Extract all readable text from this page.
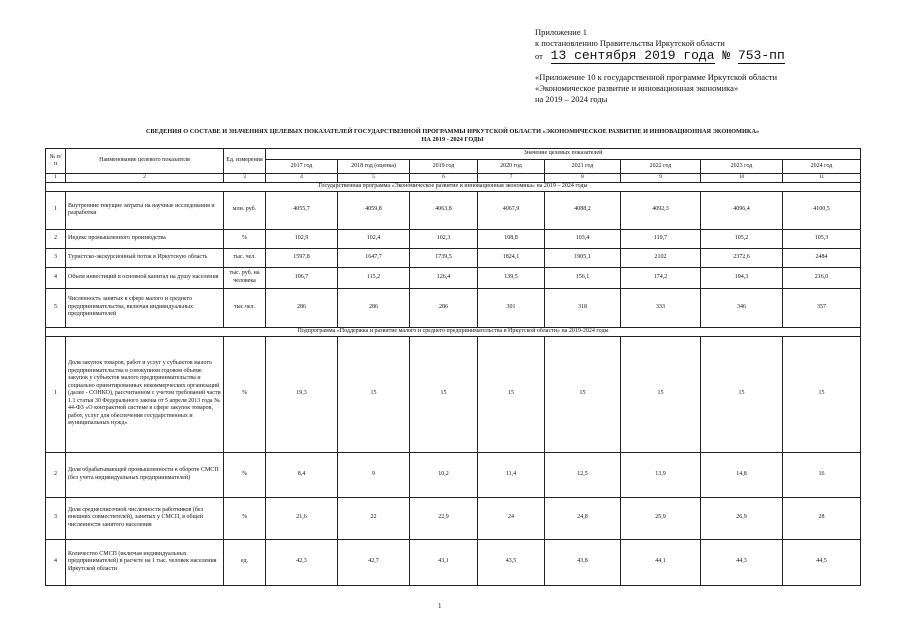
Приложение 1
к постановлению Правительства Иркутской области
от 13 сентября 2019 года № 753-пп
«Приложение 10 к государственной программе Иркутской области
«Экономическое развитие и инновационная экономика»
на 2019 – 2024 годы
СВЕДЕНИЯ О СОСТАВЕ И ЗНАЧЕНИЯХ ЦЕЛЕВЫХ ПОКАЗАТЕЛЕЙ ГОСУДАРСТВЕННОЙ ПРОГРАММЫ ИРКУТСКОЙ ОБЛАСТИ «ЭКОНОМИЧЕСКОЕ РАЗВИТИЕ И ИННОВАЦИОННАЯ ЭКОНОМИКА»
НА 2019 - 2024 ГОДЫ
№ п/п	Наименование целевого показателя	Ед. измерения	Значение целевых показателей							
			2017 год	2018 год (оценка)	2019 год	2020 год	2021 год	2022 год	2023 год	2024 год
1	2	3	4	5	6	7	8	9	10	11
Государственная программа «Экономическое развитие и инновационная экономика» на 2019 – 2024 годы										
1	Внутренние текущие затраты на научные исследования и разработки	млн. руб.	4055,7	4059,8	4063,8	4067,9	4088,2	4092,3	4096,4	4100,5
2	Индекс промышленного производства	%	102,9	102,4	102,3	108,8	103,4	119,7	105,2	105,3
3	Туристско-экскурсионный поток в Иркутскую область	тыс. чел.	1597,8	1647,7	1739,5	1824,1	1905,1	2102	2372,6	2484
4	Объем инвестиций в основной капитал на душу населения	тыс. руб. на человека	106,7	115,2	126,4	139,5	156,1	174,2	194,3	216,0
5	Численность занятых в сфере малого и среднего предпринимательства, включая индивидуальных предпринимателей	тыс.чел.	286	286	286	301	318	333	346	357
Подпрограмма «Поддержка и развитие малого и среднего предпринимательства в Иркутской области» на 2019-2024 годы										
1	Доля закупок товаров, работ и услуг у субъектов малого предпринимательства в совокупном годовом объеме закупок у субъектов малого предпринимательства и социально ориентированных некоммерческих организаций (далее - СОНКО), рассчитанном с учетом требований части 1.1 статьи 30 Федерального закона от 5 апреля 2013 года № 44-ФЗ «О контрактной системе в сфере закупок товаров, работ, услуг для обеспечения государственных и муниципальных нужд»	%	19,3	15	15	15	15	15	15	15
2	Доля обрабатывающей промышленности в обороте СМСП (без учета индивидуальных предпринимателей)	%	8,4	9	10,2	11,4	12,5	13,9	14,8	16
3	Доля среднесписочной численности работников (без внешних совместителей), занятых у СМСП, в общей численности занятого населения	%	21,6	22	22,9	24	24,8	25,9	26,9	28
4	Количество СМСП (включая индивидуальных предпринимателей) в расчете на 1 тыс. человек населения Иркутской области	ед.	42,3	42,7	43,1	43,5	43,8	44,1	44,3	44,5
1
